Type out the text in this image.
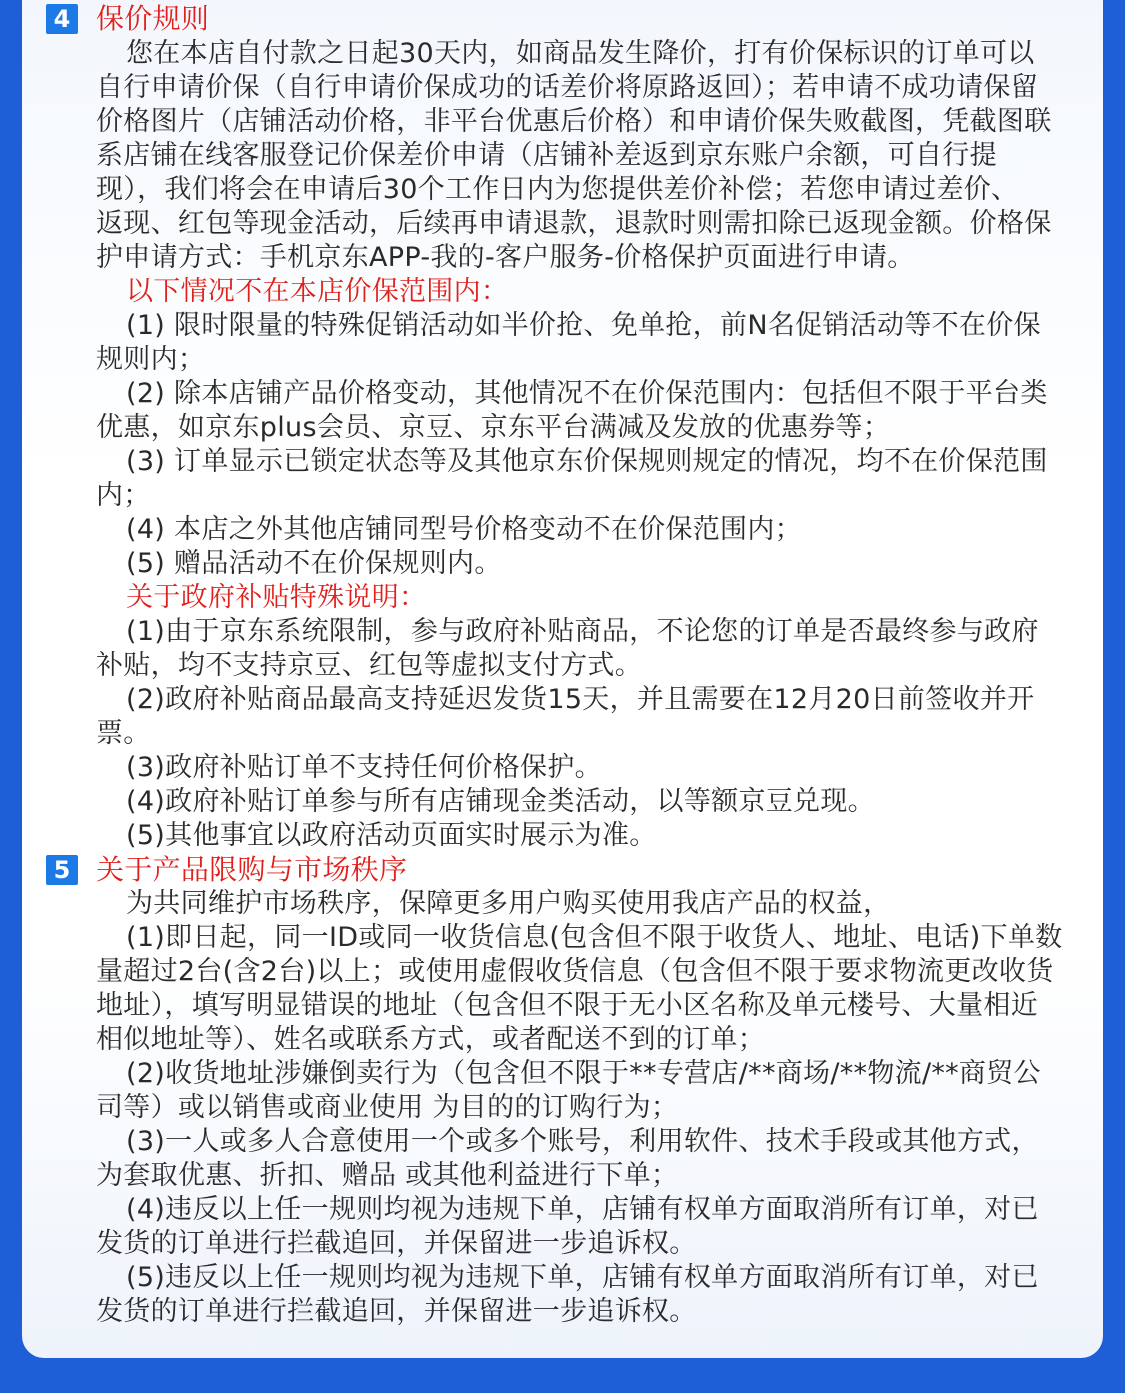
4 保价规则
您在本店自付款之日起30天内，如商品发生降价，打有价保标识的订单可以
自行申请价保（自行申请价保成功的话差价将原路返回）；若申请不成功请保留
价格图片（店铺活动价格，非平台优惠后价格）和申请价保失败截图，凭截图联
系店铺在线客服登记价保差价申请（店铺补差返到京东账户余额，可自行提
现），我们将会在申请后30个工作日内为您提供差价补偿；若您申请过差价、
返现、红包等现金活动，后续再申请退款，退款时则需扣除已返现金额。价格保
护申请方式：手机京东APP-我的-客户服务-价格保护页面进行申请。
以下情况不在本店价保范围内：
(1) 限时限量的特殊促销活动如半价抢、免单抢，前N名促销活动等不在价保
规则内；
(2) 除本店铺产品价格变动，其他情况不在价保范围内：包括但不限于平台类
优惠，如京东plus会员、京豆、京东平台满减及发放的优惠券等；
(3) 订单显示已锁定状态等及其他京东价保规则规定的情况，均不在价保范围
内；
(4) 本店之外其他店铺同型号价格变动不在价保范围内；
(5) 赠品活动不在价保规则内。
关于政府补贴特殊说明：
(1)由于京东系统限制，参与政府补贴商品，不论您的订单是否最终参与政府
补贴，均不支持京豆、红包等虚拟支付方式。
(2)政府补贴商品最高支持延迟发货15天，并且需要在12月20日前签收并开
票。
(3)政府补贴订单不支持任何价格保护。
(4)政府补贴订单参与所有店铺现金类活动，以等额京豆兑现。
(5)其他事宜以政府活动页面实时展示为准。
5 关于产品限购与市场秩序
为共同维护市场秩序，保障更多用户购买使用我店产品的权益，
(1)即日起，同一ID或同一收货信息(包含但不限于收货人、地址、电话)下单数
量超过2台(含2台)以上；或使用虚假收货信息（包含但不限于要求物流更改收货
地址），填写明显错误的地址（包含但不限于无小区名称及单元楼号、大量相近
相似地址等）、姓名或联系方式，或者配送不到的订单；
(2)收货地址涉嫌倒卖行为（包含但不限于**专营店/**商场/**物流/**商贸公
司等）或以销售或商业使用 为目的的订购行为；
(3)一人或多人合意使用一个或多个账号，利用软件、技术手段或其他方式，
为套取优惠、折扣、赠品 或其他利益进行下单；
(4)违反以上任一规则均视为违规下单，店铺有权单方面取消所有订单，对已
发货的订单进行拦截追回，并保留进一步追诉权。
(5)违反以上任一规则均视为违规下单，店铺有权单方面取消所有订单，对已
发货的订单进行拦截追回，并保留进一步追诉权。
